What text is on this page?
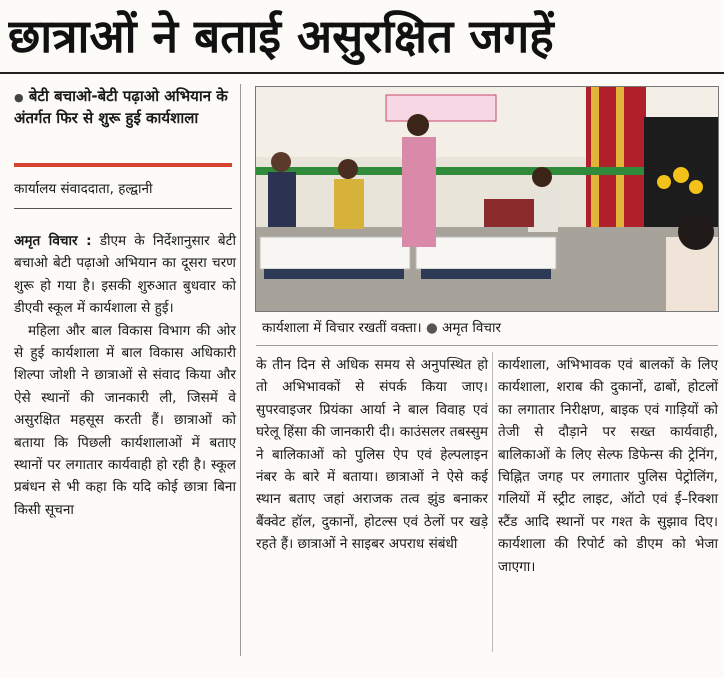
छात्राओं ने बताई असुरक्षित जगहें
● बेटी बचाओ-बेटी पढ़ाओ अभियान के अंतर्गत फिर से शुरू हुई कार्यशाला
कार्यालय संवाददाता, हल्द्वानी

अमृत विचार : डीएम के निर्देशानुसार बेटी बचाओ बेटी पढ़ाओ अभियान का दूसरा चरण शुरू हो गया है। इसकी शुरुआत बुधवार को डीएवी स्कूल में कार्यशाला से हुई।

महिला और बाल विकास विभाग की ओर से हुई कार्यशाला में बाल विकास अधिकारी शिल्पा जोशी ने छात्राओं से संवाद किया और ऐसे स्थानों की जानकारी ली, जिसमें वे असुरक्षित महसूस करती हैं। छात्राओं को बताया कि पिछली कार्यशालाओं में बताए स्थानों पर लगातार कार्यवाही हो रही है। स्कूल प्रबंधन से भी कहा कि यदि कोई छात्रा बिना किसी सूचना

कार्यशाला में विचार रखतीं वक्ता। ● अमृत विचार

के तीन दिन से अधिक समय से अनुपस्थित हो तो अभिभावकों से संपर्क किया जाए। सुपरवाइजर प्रियंका आर्या ने बाल विवाह एवं घरेलू हिंसा की जानकारी दी। काउंसलर तबस्सुम ने बालिकाओं को पुलिस ऐप एवं हेल्पलाइन नंबर के बारे में बताया। छात्राओं ने ऐसे कई स्थान बताए जहां अराजक तत्व झुंड बनाकर बैंक्वेट हॉल, दुकानों, होटल्स एवं ठेलों पर खड़े रहते हैं। छात्राओं ने साइबर अपराध संबंधी

कार्यशाला, अभिभावक एवं बालकों के लिए कार्यशाला, शराब की दुकानों, ढाबों, होटलों का लगातार निरीक्षण, बाइक एवं गाड़ियों को तेजी से दौड़ाने पर सख्त कार्यवाही, बालिकाओं के लिए सेल्फ डिफेन्स की ट्रेनिंग, चिह्नित जगह पर लगातार पुलिस पेट्रोलिंग, गलियों में स्ट्रीट लाइट, ऑटो एवं ई–रिक्शा स्टैंड आदि स्थानों पर गश्त के सुझाव दिए। कार्यशाला की रिपोर्ट को डीएम को भेजा जाएगा।
